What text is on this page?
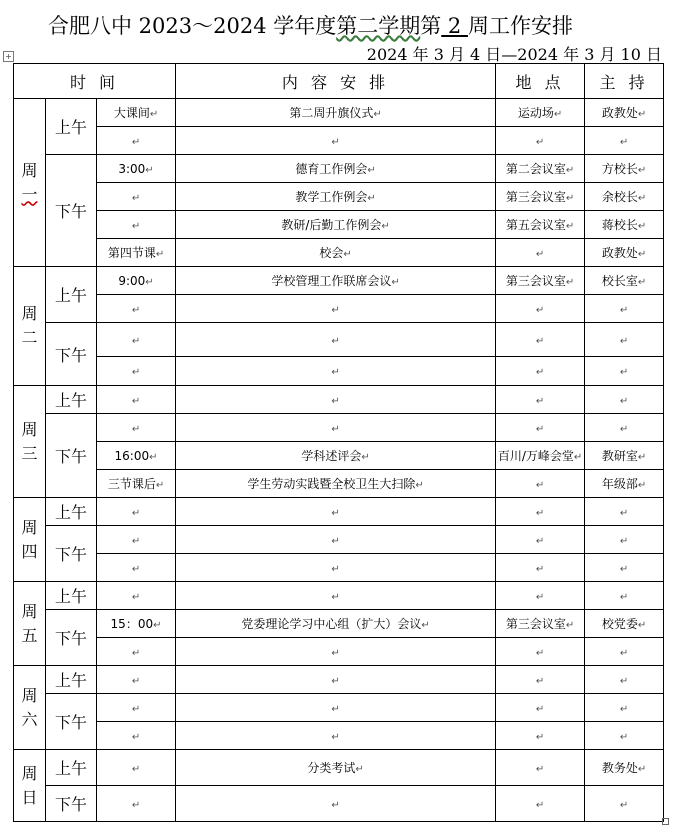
合肥八中 2023～2024 学年度第二学期第 2 周工作安排
2024 年 3 月 4 日—2024 年 3 月 10 日
+
时 间			内 容 安 排	地 点	主 持

周
一	上午	大课间 ↵	第二周升旗仪式 ↵	运动场 ↵	政教处 ↵
↵	↵	↵	↵
	下午	3:00 ↵	德育工作例会 ↵	第二会议室 ↵	方校长 ↵
↵	教学工作例会 ↵	第三会议室 ↵	余校长 ↵
↵	教研/后勤工作例会 ↵	第五会议室 ↵	蒋校长 ↵
		第四节课 ↵	校会 ↵	↵	政教处 ↵

周
二	上午	9:00 ↵	学校管理工作联席会议 ↵	第三会议室 ↵	校长室 ↵
↵	↵	↵	↵
	下午	↵	↵	↵	↵
↵	↵	↵	↵

周
三	上午	↵	↵	↵	↵
	下午	↵	↵	↵	↵
		16:00 ↵	学科述评会 ↵	百川/万峰会堂 ↵	教研室 ↵
		三节课后 ↵	学生劳动实践暨全校卫生大扫除 ↵	↵	年级部 ↵

周
四	上午	↵	↵	↵	↵
	下午	↵	↵	↵	↵
↵	↵	↵	↵

周
五	上午	↵	↵	↵	↵
	下午	15：00 ↵	党委理论学习中心组（扩大）会议 ↵	第三会议室 ↵	校党委 ↵
↵	↵	↵	↵

周
六	上午	↵	↵	↵	↵
	下午	↵	↵	↵	↵
↵	↵	↵	↵

周
日	上午	↵	分类考试 ↵	↵	教务处 ↵
	下午	↵	↵	↵	↵
